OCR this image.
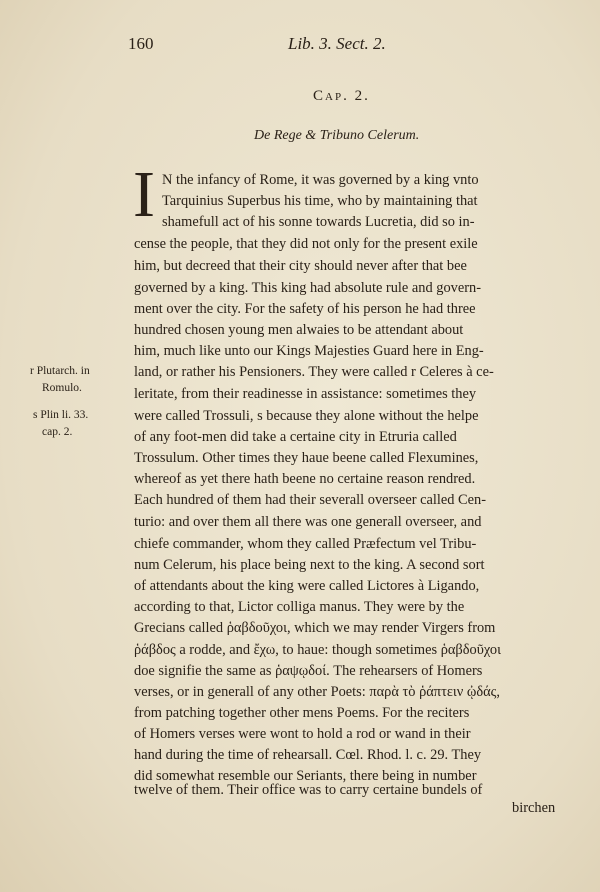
160	Lib. 3. Sect. 2.
Cap. 2.
De Rege & Tribuno Celerum.
I N the infancy of Rome, it was governed by a king vnto
Tarquinius Superbus his time, who by maintaining that
shamefull act of his sonne towards Lucretia, did so in-
cense the people, that they did not only for the present exile
him, but decreed that their city should never after that bee
governed by a king. This king had absolute rule and govern-
ment over the city. For the safety of his person he had three
hundred chosen young men alwaies to be attendant about
him, much like unto our Kings Majesties Guard here in Eng-
land, or rather his Pensioners. They were called r Celeres à ce-
leritate, from their readinesse in assistance: sometimes they
were called Trossuli, s because they alone without the helpe
of any foot-men did take a certaine city in Etruria called
Trossulum. Other times they haue beene called Flexumines,
whereof as yet there hath beene no certaine reason rendred.
Each hundred of them had their severall overseer called Cen-
turio: and over them all there was one generall overseer, and
chiefe commander, whom they called Præfectum vel Tribu-
num Celerum, his place being next to the king. A second sort
of attendants about the king were called Lictores à Ligando,
according to that, Lictor colliga manus. They were by the
Grecians called ῥαβδοῦχοι, which we may render Virgers from
ῥάβδος a rodde, and ἔχω, to haue: though sometimes ῥαβδοῦχοι
doe signifie the same as ῥαψῳδοί. The rehearsers of Homers
verses, or in generall of any other Poets: παρὰ τὸ ῥάπτειν ᾠδάς,
from patching together other mens Poems. For the reciters
of Homers verses were wont to hold a rod or wand in their
hand during the time of rehearsall. Cœl. Rhod. l. c. 29. They
did somewhat resemble our Seriants, there being in number
twelve of them. Their office was to carry certaine bundels of
r Plutarch. in
Romulo.
s Plin li. 33.
cap. 2.
birchen
